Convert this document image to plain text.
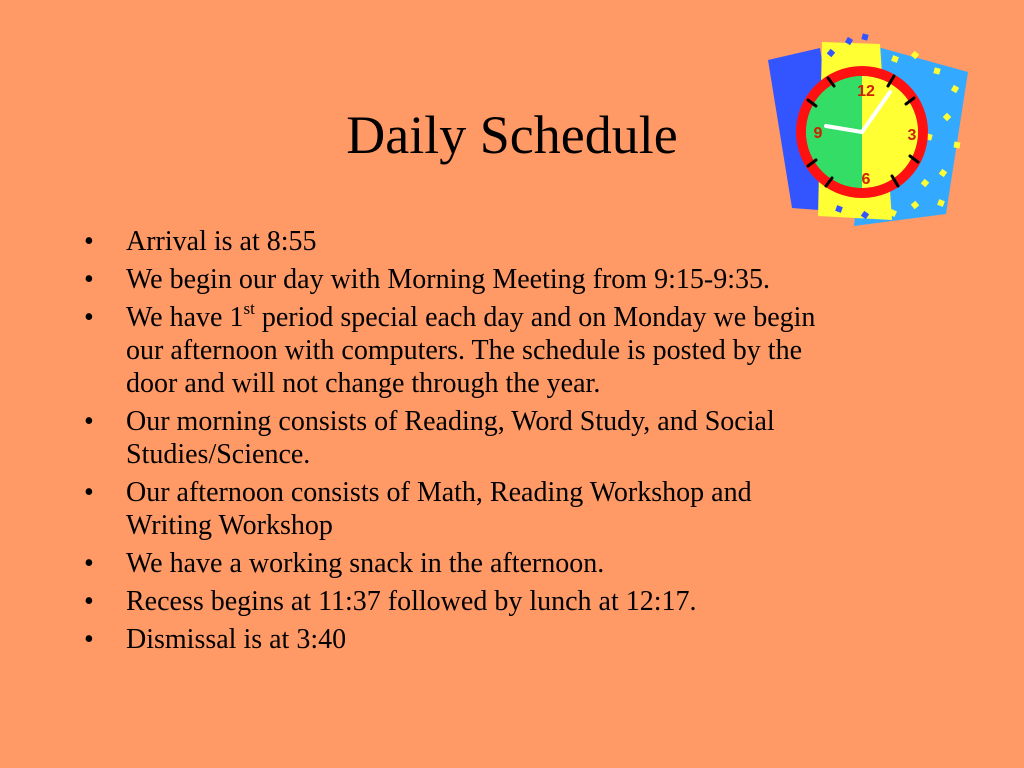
Daily Schedule
12
3
6
9
• Arrival is at 8:55
• We begin our day with Morning Meeting from 9:15-9:35.
• We have 1st period special each day and on Monday we begin our afternoon with computers. The schedule is posted by the door and will not change through the year.
• Our morning consists of Reading, Word Study, and Social Studies/Science.
• Our afternoon consists of Math, Reading Workshop and Writing Workshop
• We have a working snack in the afternoon.
• Recess begins at 11:37 followed by lunch at 12:17.
• Dismissal is at 3:40
